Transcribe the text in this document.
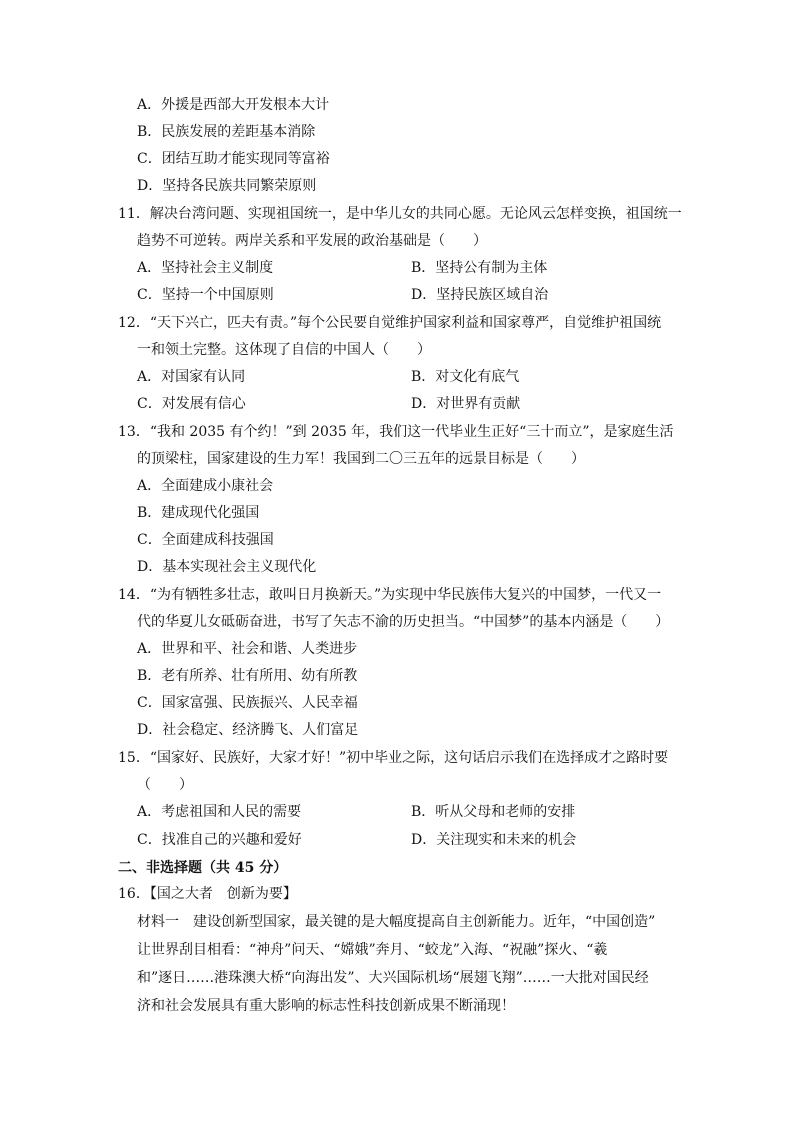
A．外援是西部大开发根本大计
B．民族发展的差距基本消除
C．团结互助才能实现同等富裕
D．坚持各民族共同繁荣原则
11．解决台湾问题、实现祖国统一，是中华儿女的共同心愿。无论风云怎样变换，祖国统一
趋势不可逆转。两岸关系和平发展的政治基础是（　　）
A．坚持社会主义制度	B．坚持公有制为主体
C．坚持一个中国原则	D．坚持民族区域自治
12．“天下兴亡，匹夫有责。”每个公民要自觉维护国家利益和国家尊严，自觉维护祖国统
一和领土完整。这体现了自信的中国人（　　）
A．对国家有认同	B．对文化有底气
C．对发展有信心	D．对世界有贡献
13．“我和 2035 有个约！”到 2035 年，我们这一代毕业生正好“三十而立”，是家庭生活
的顶梁柱，国家建设的生力军！我国到二〇三五年的远景目标是（　　）
A．全面建成小康社会
B．建成现代化强国
C．全面建成科技强国
D．基本实现社会主义现代化
14．“为有牺牲多壮志，敢叫日月换新天。”为实现中华民族伟大复兴的中国梦，一代又一
代的华夏儿女砥砺奋进，书写了矢志不渝的历史担当。“中国梦”的基本内涵是（　　）
A．世界和平、社会和谐、人类进步
B．老有所养、壮有所用、幼有所教
C．国家富强、民族振兴、人民幸福
D．社会稳定、经济腾飞、人们富足
15．“国家好、民族好，大家才好！”初中毕业之际，这句话启示我们在选择成才之路时要
（　　）
A．考虑祖国和人民的需要	B．听从父母和老师的安排
C．找准自己的兴趣和爱好	D．关注现实和未来的机会
二、非选择题（共 45 分）
16．【国之大者　创新为要】
材料一　建设创新型国家，最关键的是大幅度提高自主创新能力。近年，“中国创造”
让世界刮目相看：“神舟”问天、“嫦娥”奔月、“蛟龙”入海、“祝融”探火、“羲
和”逐日……港珠澳大桥“向海出发”、大兴国际机场“展翅飞翔”……一大批对国民经
济和社会发展具有重大影响的标志性科技创新成果不断涌现！
